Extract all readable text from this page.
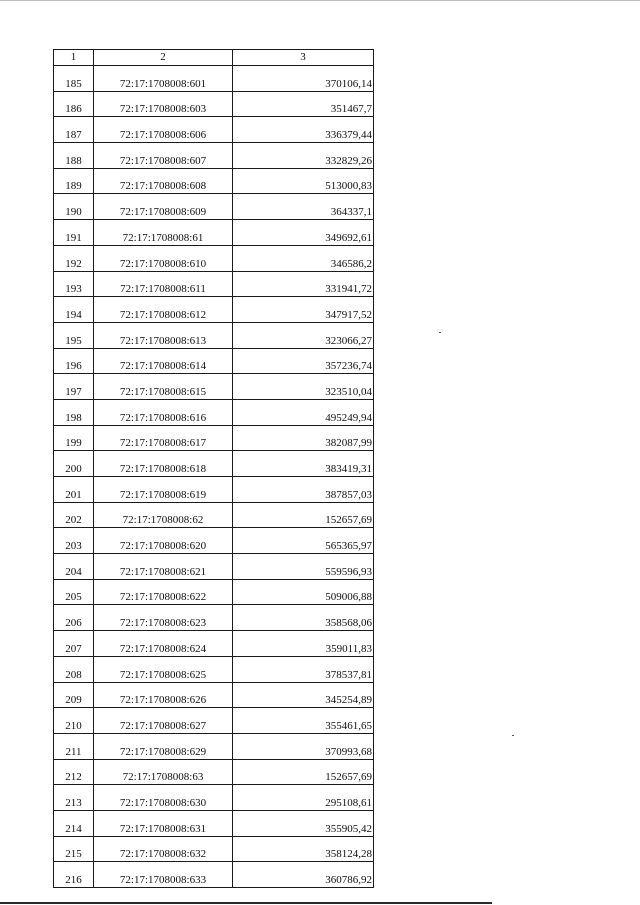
1	2	3
185	72:17:1708008:601	370106,14
186	72:17:1708008:603	351467,7
187	72:17:1708008:606	336379,44
188	72:17:1708008:607	332829,26
189	72:17:1708008:608	513000,83
190	72:17:1708008:609	364337,1
191	72:17:1708008:61	349692,61
192	72:17:1708008:610	346586,2
193	72:17:1708008:611	331941,72
194	72:17:1708008:612	347917,52
195	72:17:1708008:613	323066,27
196	72:17:1708008:614	357236,74
197	72:17:1708008:615	323510,04
198	72:17:1708008:616	495249,94
199	72:17:1708008:617	382087,99
200	72:17:1708008:618	383419,31
201	72:17:1708008:619	387857,03
202	72:17:1708008:62	152657,69
203	72:17:1708008:620	565365,97
204	72:17:1708008:621	559596,93
205	72:17:1708008:622	509006,88
206	72:17:1708008:623	358568,06
207	72:17:1708008:624	359011,83
208	72:17:1708008:625	378537,81
209	72:17:1708008:626	345254,89
210	72:17:1708008:627	355461,65
211	72:17:1708008:629	370993,68
212	72:17:1708008:63	152657,69
213	72:17:1708008:630	295108,61
214	72:17:1708008:631	355905,42
215	72:17:1708008:632	358124,28
216	72:17:1708008:633	360786,92
